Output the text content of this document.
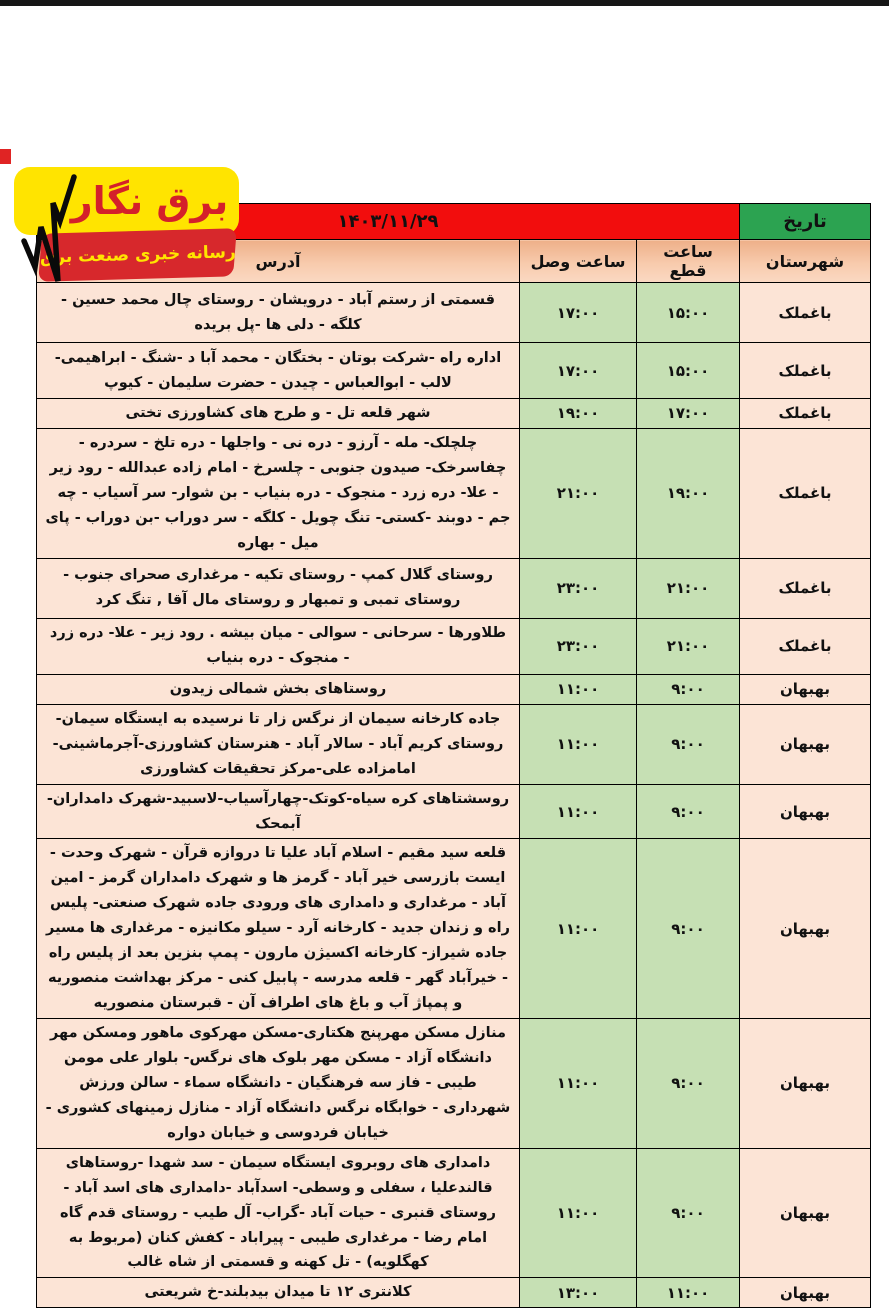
تاریخ	۱۴۰۳/۱۱/۲۹		
شهرستان	ساعت قطع	ساعت وصل	آدرس
باغملک	۱۵:۰۰	۱۷:۰۰	قسمتی از رستم آباد - درویشان - روستای چال محمد حسین - کلگه - دلی ها -پل بریده
باغملک	۱۵:۰۰	۱۷:۰۰	اداره راه -شرکت بوتان - بختگان - محمد آبا د -شنگ - ابراهیمی- لالب - ابوالعباس - چیدن - حضرت سلیمان - کیوپ
باغملک	۱۷:۰۰	۱۹:۰۰	شهر قلعه تل - و طرح های کشاورزی تختی
باغملک	۱۹:۰۰	۲۱:۰۰	چلچلک- مله - آرزو - دره نی - واجلها - دره تلخ - سردره - چفاسرخک- صیدون جنوبی - چلسرخ - امام زاده عبدالله - رود زیر - علا- دره زرد - منجوک - دره بنیاب - بن شوار- سر آسیاب - چه جم - دوبند -کستی- تنگ چویل - کلگه - سر دوراب -بن دوراب - پای میل - بهاره
باغملک	۲۱:۰۰	۲۳:۰۰	روستای گلال کمپ - روستای تکیه - مرغداری صحرای جنوب - روستای تمبی و تمبهار و روستای مال آقا , تنگ کرد
باغملک	۲۱:۰۰	۲۳:۰۰	طلاورها - سرحانی - سوالی - میان بیشه . رود زیر - علا- دره زرد - منجوک - دره بنیاب
بهبهان	۹:۰۰	۱۱:۰۰	روستاهای بخش شمالی زیدون
بهبهان	۹:۰۰	۱۱:۰۰	جاده کارخانه سیمان از نرگس زار تا نرسیده به ایستگاه سیمان- روستای کریم آباد - سالار آباد - هنرستان کشاورزی-آجرماشینی-امامزاده علی-مرکز تحقیقات کشاورزی
بهبهان	۹:۰۰	۱۱:۰۰	روسشتاهای کره سیاه-کوتک-چهارآسیاب-لاسبید-شهرک دامداران-آبمحک
بهبهان	۹:۰۰	۱۱:۰۰	قلعه سید مقیم - اسلام آباد علیا تا دروازه قرآن - شهرک وحدت - ایست بازرسی خیر آباد - گرمز ها و شهرک دامداران گرمز - امین آباد - مرغداری و دامداری های ورودی جاده شهرک صنعتی- پلیس راه و زندان جدید - کارخانه آرد - سیلو مکانیزه - مرغداری ها مسیر جاده شیراز- کارخانه اکسیژن مارون - پمپ بنزین بعد از پلیس راه - خیرآباد گهر - قلعه مدرسه - پابیل کنی - مرکز بهداشت منصوریه و پمپاژ آب و باغ های اطراف آن - قبرستان منصوریه
بهبهان	۹:۰۰	۱۱:۰۰	منازل مسکن مهرپنج هکتاری-مسکن مهرکوی ماهور ومسکن مهر دانشگاه آزاد - مسکن مهر بلوک های نرگس- بلوار علی مومن طیبی - فاز سه فرهنگیان - دانشگاه سماء - سالن ورزش شهرداری - خوابگاه نرگس دانشگاه آزاد - منازل زمینهای کشوری - خیابان فردوسی و خیابان دواره
بهبهان	۹:۰۰	۱۱:۰۰	دامداری های روبروی ایستگاه سیمان - سد شهدا -روستاهای قالندعلیا ، سفلی و وسطی- اسدآباد -دامداری های اسد آباد - روستای قنبری - حیات آباد -گراب- آل طیب - روستای قدم گاه امام رضا - مرغداری طیبی - پیراباد - کفش کنان (مربوط به کهگلویه) - تل کهنه و قسمتی از شاه غالب
بهبهان	۱۱:۰۰	۱۳:۰۰	کلانتری ۱۲ تا میدان بیدبلند-خ شریعتی
برق نگار
رسانه خبری صنعت برق
